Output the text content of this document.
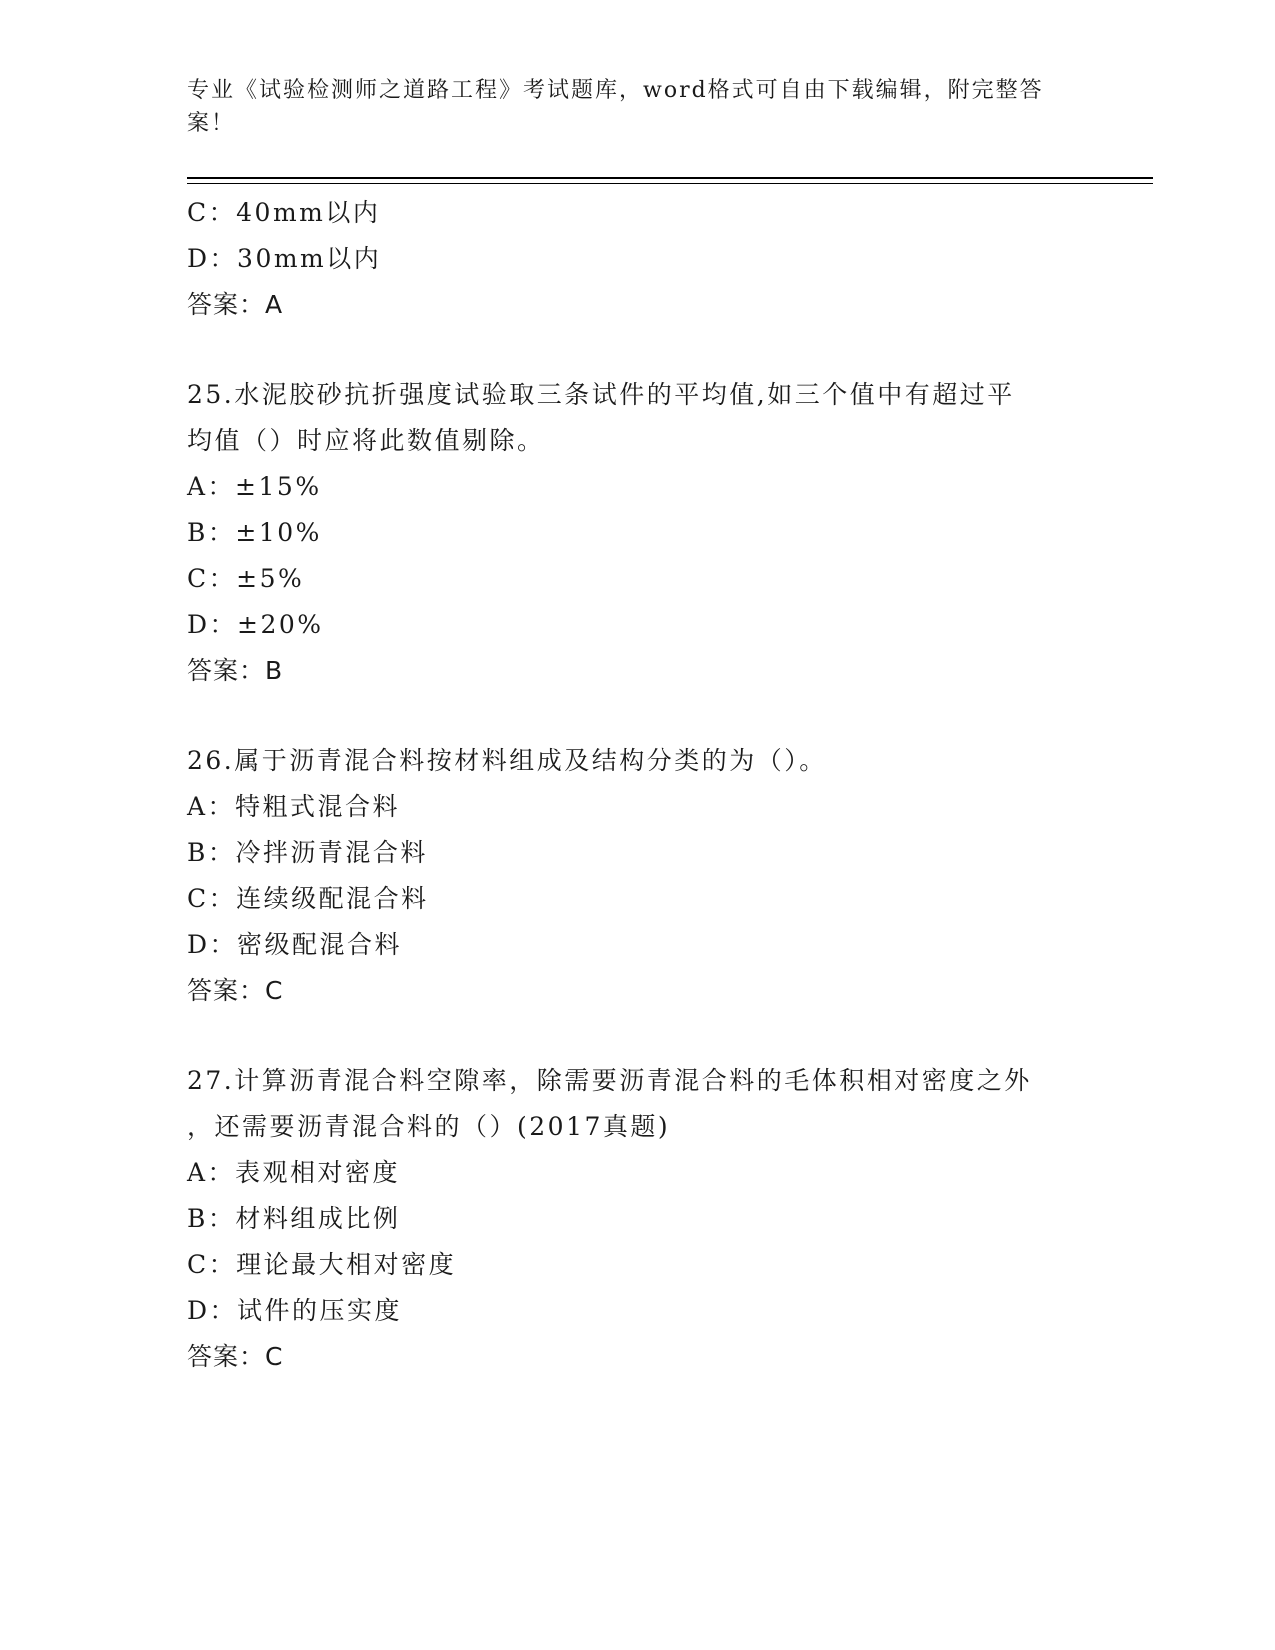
专业《试验检测师之道路工程》考试题库，word格式可自由下载编辑，附完整答
案！
C：40mm以内
D：30mm以内
答案：A
25.水泥胶砂抗折强度试验取三条试件的平均值,如三个值中有超过平
均值（）时应将此数值剔除。
A：±15%
B：±10%
C：±5%
D：±20%
答案：B
26.属于沥青混合料按材料组成及结构分类的为（）。
A：特粗式混合料
B：冷拌沥青混合料
C：连续级配混合料
D：密级配混合料
答案：C
27.计算沥青混合料空隙率，除需要沥青混合料的毛体积相对密度之外
，还需要沥青混合料的（）(2017真题)
A：表观相对密度
B：材料组成比例
C：理论最大相对密度
D：试件的压实度
答案：C
